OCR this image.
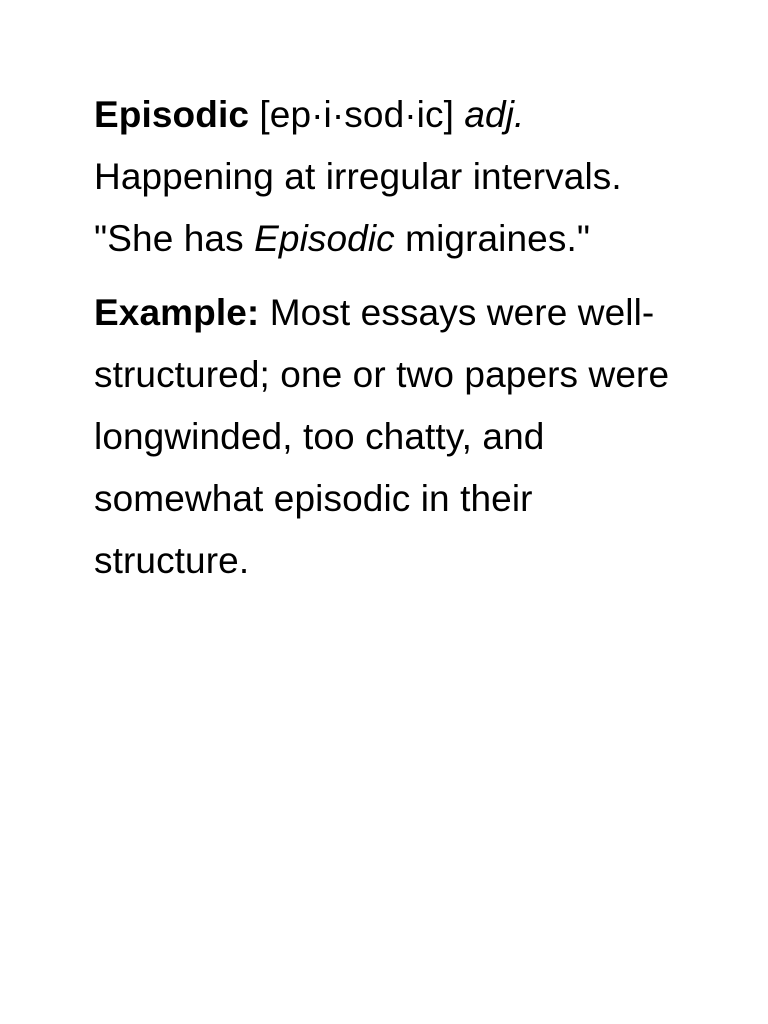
Episodic [ep·i·sod·ic] adj. Happening at irregular intervals.  "She has Episodic migraines."

Example: Most essays were well-structured; one or two papers were longwinded, too chatty, and somewhat episodic in their structure.
